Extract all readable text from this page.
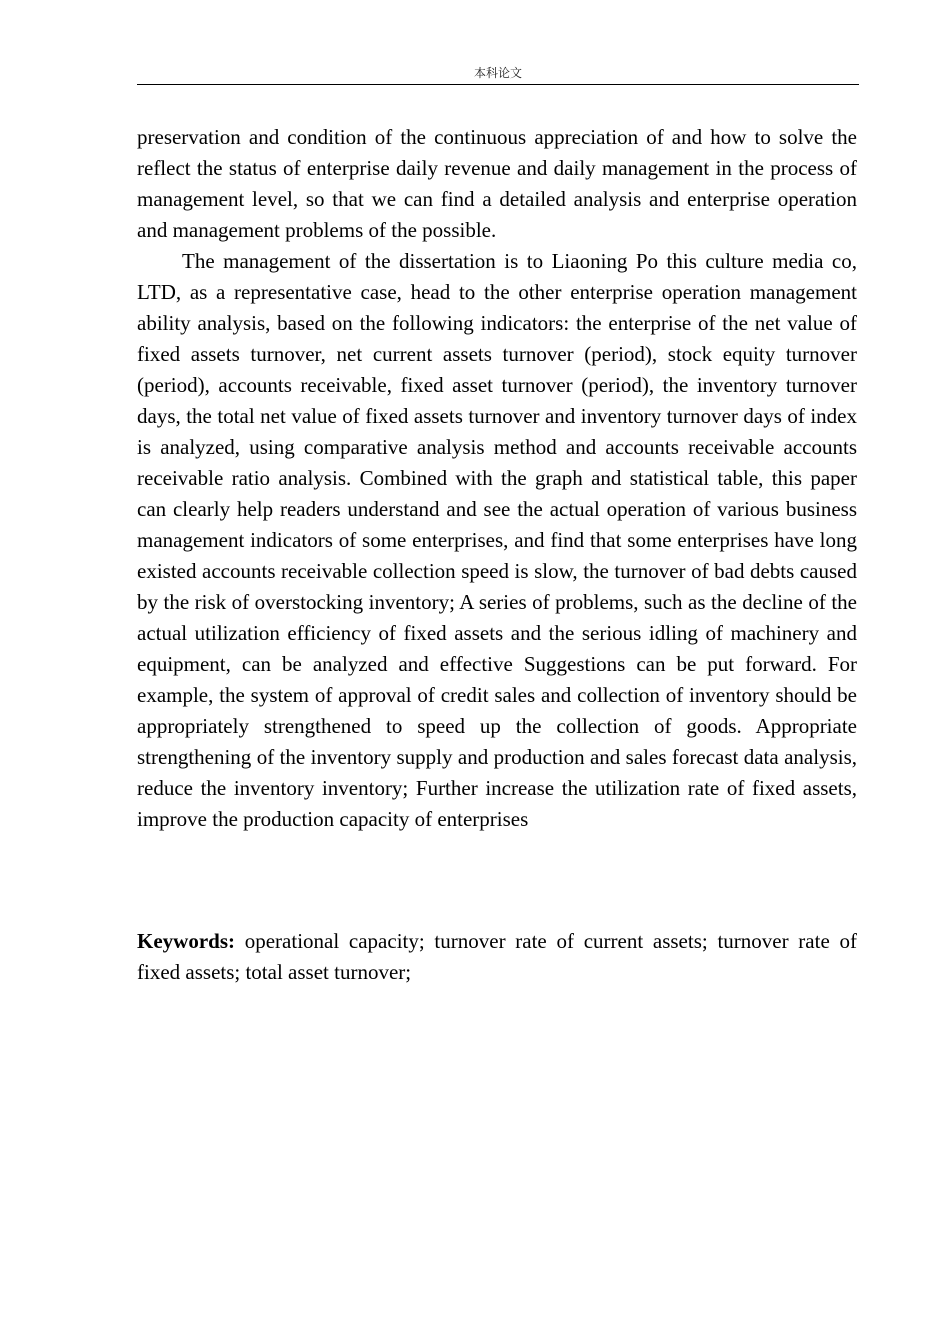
本科论文

preservation and condition of the continuous appreciation of and how to solve the reflect the status of enterprise daily revenue and daily management in the process of management level, so that we can find a detailed analysis and enterprise operation and management problems of the possible.

The management of the dissertation is to Liaoning Po this culture media co, LTD, as a representative case, head to the other enterprise operation management ability analysis, based on the following indicators: the enterprise of the net value of fixed assets turnover, net current assets turnover (period), stock equity turnover (period), accounts receivable, fixed asset turnover (period), the inventory turnover days, the total net value of fixed assets turnover and inventory turnover days of index is analyzed, using comparative analysis method and accounts receivable accounts receivable ratio analysis. Combined with the graph and statistical table, this paper can clearly help readers understand and see the actual operation of various business management indicators of some enterprises, and find that some enterprises have long existed accounts receivable collection speed is slow, the turnover of bad debts caused by the risk of overstocking inventory; A series of problems, such as the decline of the actual utilization efficiency of fixed assets and the serious idling of machinery and equipment, can be analyzed and effective Suggestions can be put forward. For example, the system of approval of credit sales and collection of inventory should be appropriately strengthened to speed up the collection of goods. Appropriate strengthening of the inventory supply and production and sales forecast data analysis, reduce the inventory inventory; Further increase the utilization rate of fixed assets, improve the production capacity of enterprises

Keywords: operational capacity; turnover rate of current assets; turnover rate of fixed assets; total asset turnover;
